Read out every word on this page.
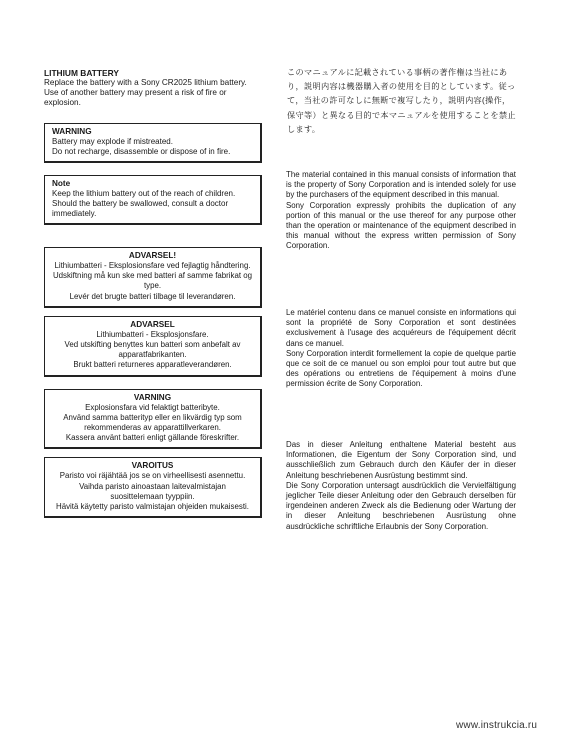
LITHIUM BATTERY
Replace the battery with a Sony CR2025 lithium battery. Use of another battery may present a risk of fire or explosion.
WARNING
Battery may explode if mistreated.
Do not recharge, disassemble or dispose of in fire.
Note
Keep the lithium battery out of the reach of children. Should the battery be swallowed, consult a doctor immediately.
ADVARSEL!
Lithiumbatteri - Eksplosionsfare ved fejlagtig håndtering.
Udskiftning må kun ske med batteri af samme fabrikat og type.
Levér det brugte batteri tilbage til leverandøren.
ADVARSEL
Lithiumbatteri - Eksplosjonsfare.
Ved utskifting benyttes kun batteri som anbefalt av apparatfabrikanten.
Brukt batteri returneres apparatleverandøren.
VARNING
Explosionsfara vid felaktigt batteribyte.
Använd samma batterityp eller en likvärdig typ som rekommenderas av apparattillverkaren.
Kassera använt batteri enligt gällande föreskrifter.
VAROITUS
Paristo voi räjähtää jos se on virheellisesti asennettu.
Vaihda paristo ainoastaan laitevalmistajan suosittelemaan tyyppiin.
Hävitä käytetty paristo valmistajan ohjeiden mukaisesti.
このマニュアルに記載されている事柄の著作権は当社にあり，説明内容は機器購入者の使用を目的としています。従って，当社の許可なしに無断で複写したり，説明内容(操作，保守等）と異なる目的で本マニュアルを使用することを禁止します。
The material contained in this manual consists of information that is the property of Sony Corporation and is intended solely for use by the purchasers of the equipment described in this manual.
Sony Corporation expressly prohibits the duplication of any portion of this manual or the use thereof for any purpose other than the operation or maintenance of the equipment described in this manual without the express written permission of Sony Corporation.
Le matériel contenu dans ce manuel consiste en informations qui sont la propriété de Sony Corporation et sont destinées exclusivement à l'usage des acquéreurs de l'équipement décrit dans ce manuel.
Sony Corporation interdit formellement la copie de quelque partie que ce soit de ce manuel ou son emploi pour tout autre but que des opérations ou entretiens de l'équipement à moins d'une permission écrite de Sony Corporation.
Das in dieser Anleitung enthaltene Material besteht aus Informationen, die Eigentum der Sony Corporation sind, und ausschließlich zum Gebrauch durch den Käufer der in dieser Anleitung beschriebenen Ausrüstung bestimmt sind.
Die Sony Corporation untersagt ausdrücklich die Vervielfältigung jeglicher Teile dieser Anleitung oder den Gebrauch derselben für irgendeinen anderen Zweck als die Bedienung oder Wartung der in dieser Anleitung beschriebenen Ausrüstung ohne ausdrückliche schriftliche Erlaubnis der Sony Corporation.
www.instrukcia.ru
